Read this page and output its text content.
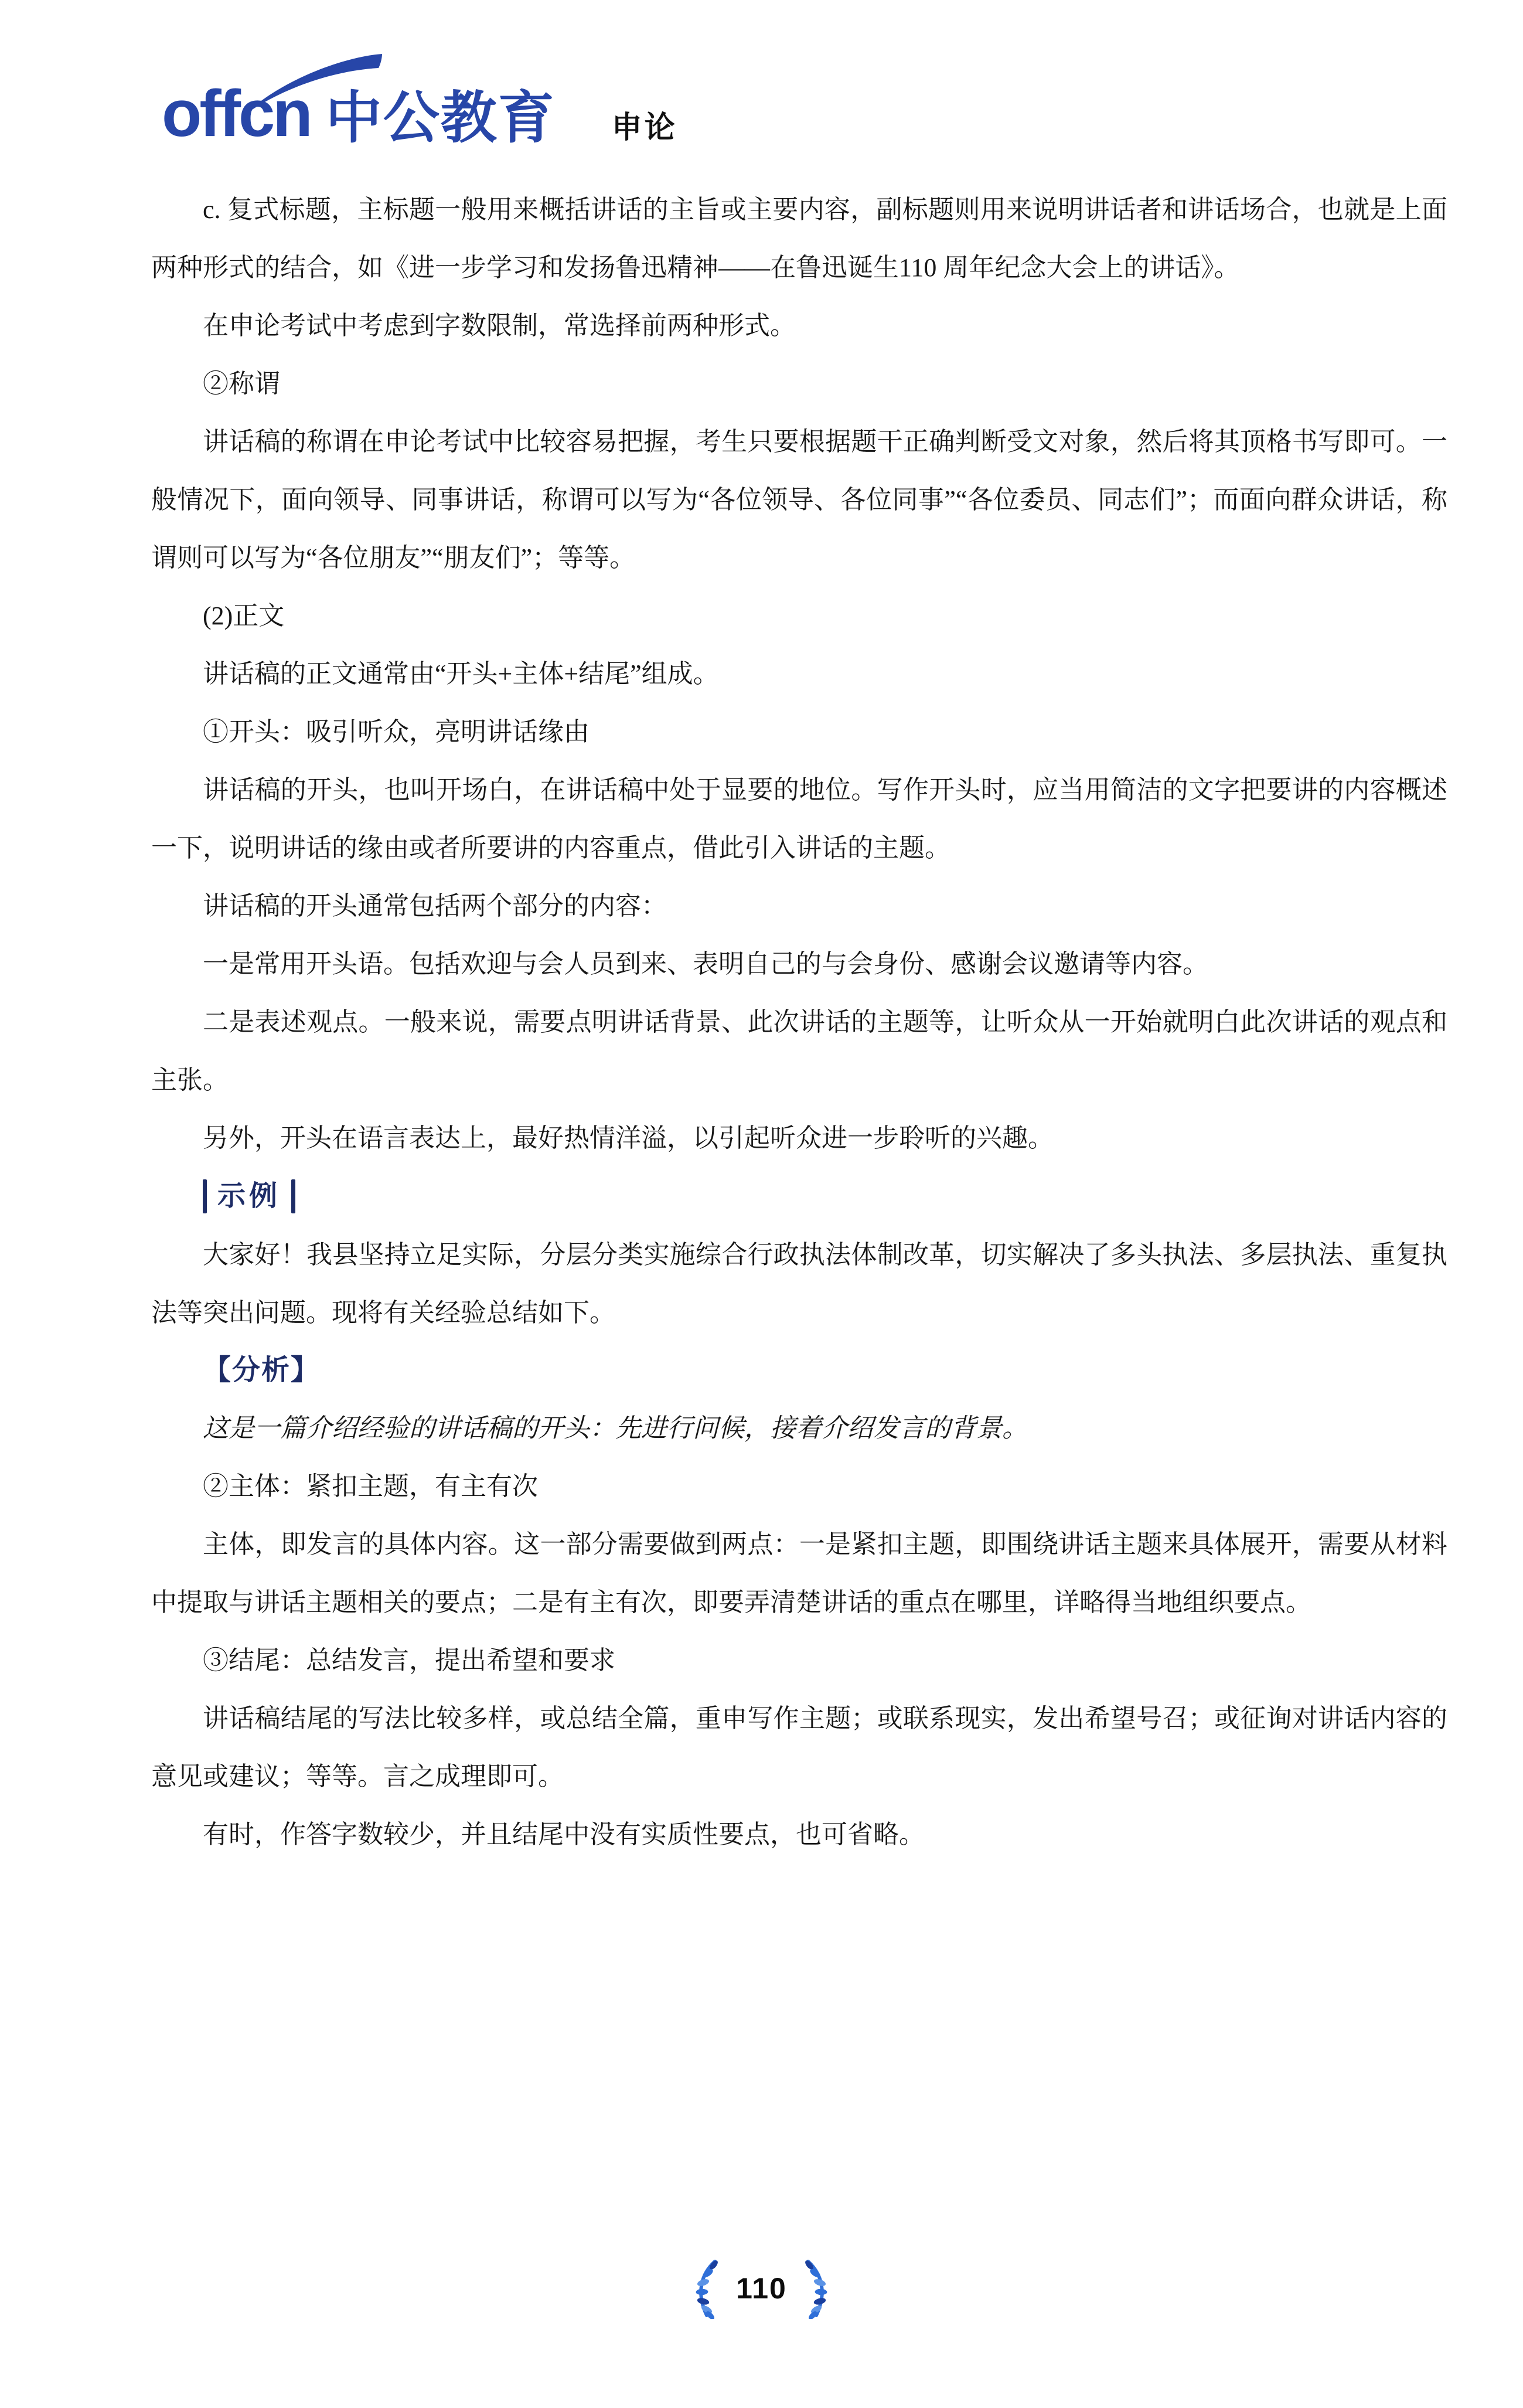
offcn 中公教育 申论

c. 复式标题，主标题一般用来概括讲话的主旨或主要内容，副标题则用来说明讲话者和讲话场合，也就是上面两种形式的结合，如《进一步学习和发扬鲁迅精神——在鲁迅诞生110 周年纪念大会上的讲话》。

在申论考试中考虑到字数限制，常选择前两种形式。

②称谓

讲话稿的称谓在申论考试中比较容易把握，考生只要根据题干正确判断受文对象，然后将其顶格书写即可。一般情况下，面向领导、同事讲话，称谓可以写为“各位领导、各位同事”“各位委员、同志们”；而面向群众讲话，称谓则可以写为“各位朋友”“朋友们”；等等。

(2)正文

讲话稿的正文通常由“开头+主体+结尾”组成。

①开头：吸引听众，亮明讲话缘由

讲话稿的开头，也叫开场白，在讲话稿中处于显要的地位。写作开头时，应当用简洁的文字把要讲的内容概述一下，说明讲话的缘由或者所要讲的内容重点，借此引入讲话的主题。

讲话稿的开头通常包括两个部分的内容：

一是常用开头语。包括欢迎与会人员到来、表明自己的与会身份、感谢会议邀请等内容。

二是表述观点。一般来说，需要点明讲话背景、此次讲话的主题等，让听众从一开始就明白此次讲话的观点和主张。

另外，开头在语言表达上，最好热情洋溢，以引起听众进一步聆听的兴趣。

示例

大家好！我县坚持立足实际，分层分类实施综合行政执法体制改革，切实解决了多头执法、多层执法、重复执法等突出问题。现将有关经验总结如下。

【分析】

这是一篇介绍经验的讲话稿的开头：先进行问候，接着介绍发言的背景。

②主体：紧扣主题，有主有次

主体，即发言的具体内容。这一部分需要做到两点：一是紧扣主题，即围绕讲话主题来具体展开，需要从材料中提取与讲话主题相关的要点；二是有主有次，即要弄清楚讲话的重点在哪里，详略得当地组织要点。

③结尾：总结发言，提出希望和要求

讲话稿结尾的写法比较多样，或总结全篇，重申写作主题；或联系现实，发出希望号召；或征询对讲话内容的意见或建议；等等。言之成理即可。

有时，作答字数较少，并且结尾中没有实质性要点，也可省略。

110
